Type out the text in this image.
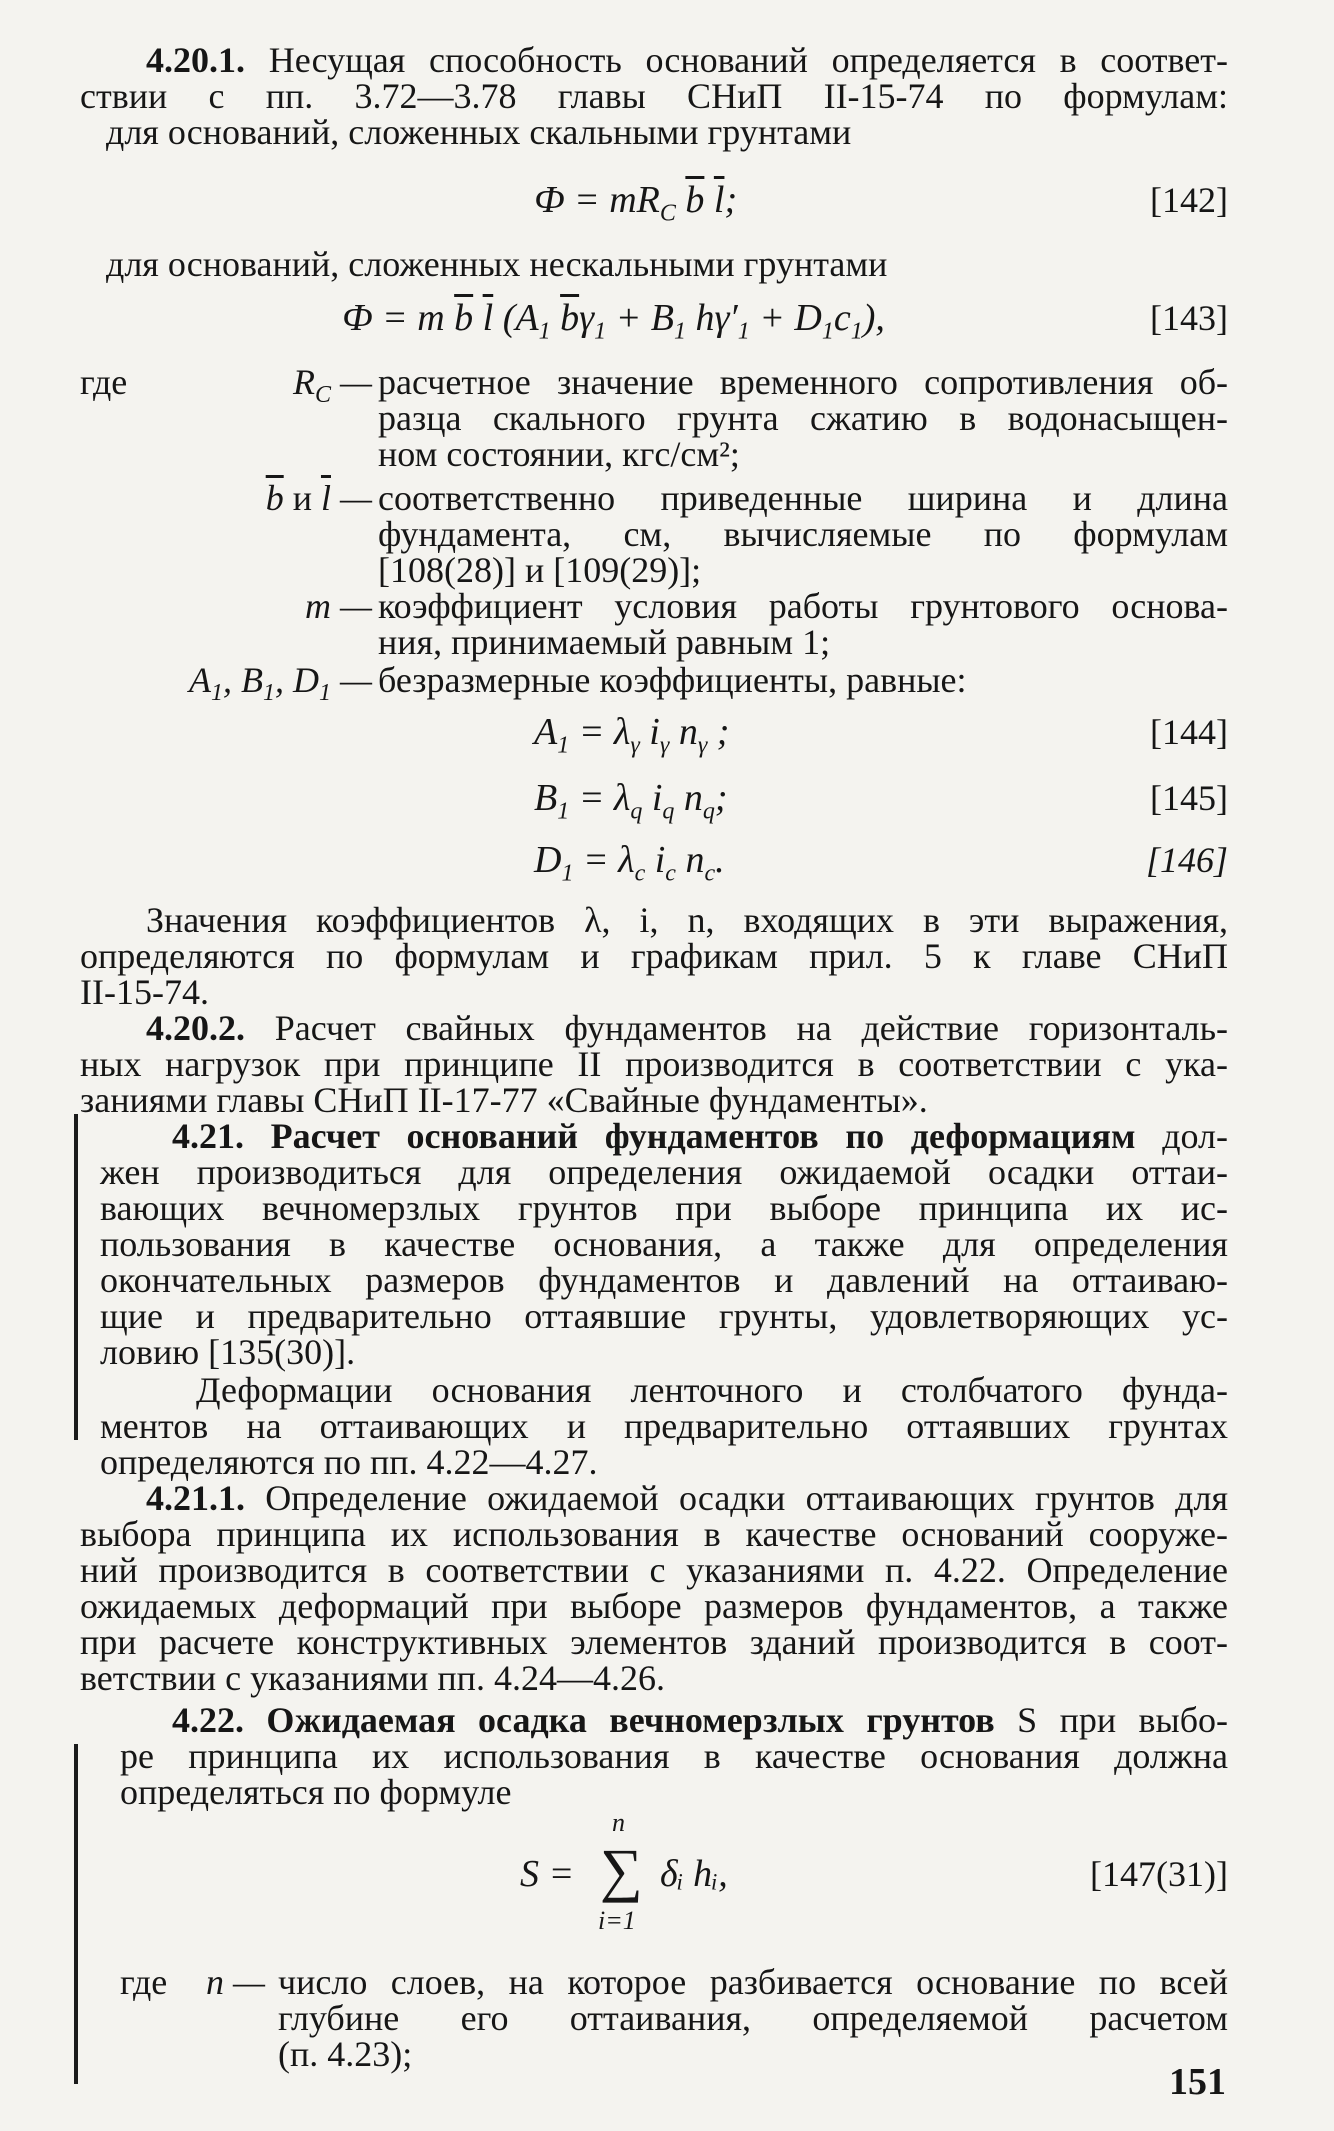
4.20.1. Несущая способность оснований определяется в соответ-
ствии с пп. 3.72—3.78 главы СНиП II-15-74 по формулам:
для оснований, сложенных скальными грунтами
$Ф = mR_C$ $\overline{b}$ $\overline{l}$;	[142]
для оснований, сложенных нескальными грунтами
Ф = m $\overline{b}$ $\overline{l}$ ($A_1$ $\overline{b}\gamma_1 + B_1$ $h\gamma'_1 + D_1c_1$),	[143]
где	$R_C$ — расчетное значение временного сопротивления об-
разца скального грунта сжатию в водонасыщен-
ном состоянии, кгс/см²;
$\overline{b}$ и $\overline{l}$ — соответственно приведенные ширина и длина
фундамента, см, вычисляемые по формулам
[108(28)] и [109(29)];
m — коэффициент условия работы грунтового основа-
ния, принимаемый равным 1;
$A_1$, $B_1$, $D_1$ — безразмерные коэффициенты, равные:
$A_1 = \lambda_\gamma$ $i_\gamma$ $n_\gamma$ ;	[144]
$B_1 = \lambda_q$ $i_q$ $n_q$;	[145]
$D_1 = \lambda_c$ $i_c$ $n_c$.	[146]
Значения коэффициентов λ, i, n, входящих в эти выражения,
определяются по формулам и графикам прил. 5 к главе СНиП
II-15-74.
4.20.2. Расчет свайных фундаментов на действие горизонталь-
ных нагрузок при принципе II производится в соответствии с ука-
заниями главы СНиП II-17-77 «Свайные фундаменты».
4.21. Расчет оснований фундаментов по деформациям дол-
жен производиться для определения ожидаемой осадки оттаи-
вающих вечномерзлых грунтов при выборе принципа их ис-
пользования в качестве основания, а также для определения
окончательных размеров фундаментов и давлений на оттаиваю-
щие и предварительно оттаявшие грунты, удовлетворяющих ус-
ловию [135(30)].
Деформации основания ленточного и столбчатого фунда-
ментов на оттаивающих и предварительно оттаявших грунтах
определяются по пп. 4.22—4.27.
4.21.1. Определение ожидаемой осадки оттаивающих грунтов для
выбора принципа их использования в качестве оснований сооруже-
ний производится в соответствии с указаниями п. 4.22. Определение
ожидаемых деформаций при выборе размеров фундаментов, а также
при расчете конструктивных элементов зданий производится в соот-
ветствии с указаниями пп. 4.24—4.26.
4.22. Ожидаемая осадка вечномерзлых грунтов S при выбо-
ре принципа их использования в качестве основания должна
определяться по формуле
S =
n
∑
i=1
δᵢ hᵢ,	[147(31)]
где n — число слоев, на которое разбивается основание по всей
глубине его оттаивания, определяемой расчетом
(п. 4.23);
151
